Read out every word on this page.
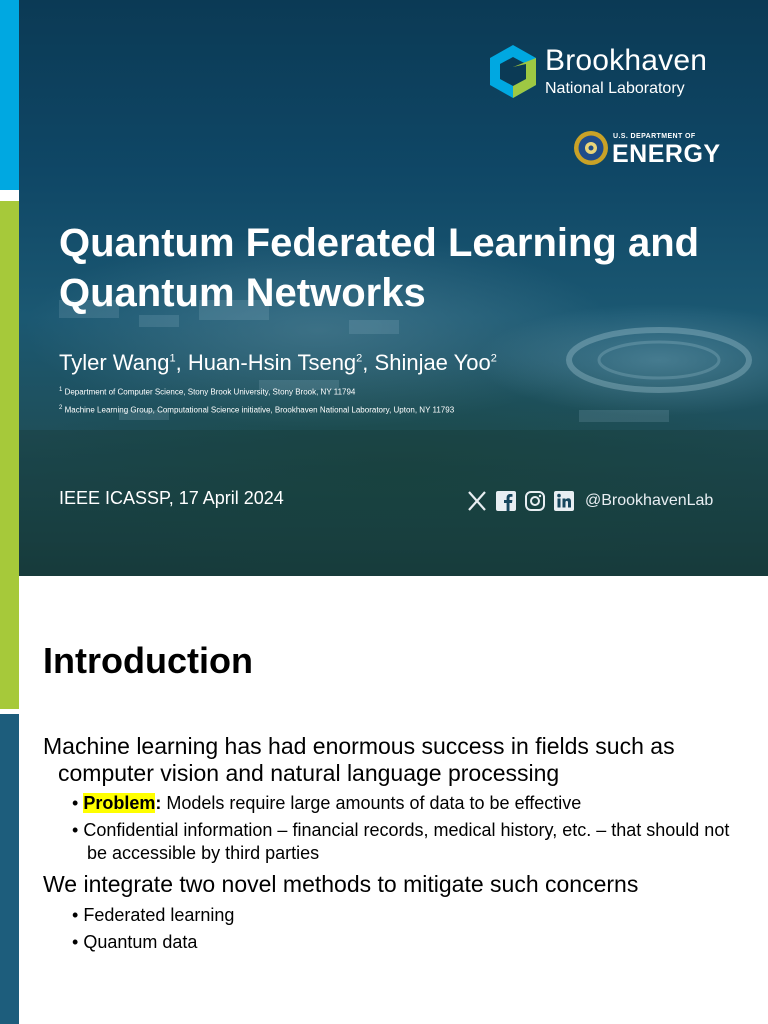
Brookhaven
National Laboratory
U.S. DEPARTMENT OF
ENERGY
Quantum Federated Learning and Quantum Networks
Tyler Wang$^1$, Huan-Hsin Tseng$^2$, Shinjae Yoo$^2$
$^1$ Department of Computer Science, Stony Brook University, Stony Brook, NY 11794
$^2$ Machine Learning Group, Computational Science initiative, Brookhaven National Laboratory, Upton, NY 11793
IEEE ICASSP, 17 April 2024	@BrookhavenLab
Introduction
Machine learning has had enormous success in fields such as computer vision and natural language processing
• Problem: Models require large amounts of data to be effective
• Confidential information – financial records, medical history, etc. – that should not be accessible by third parties
We integrate two novel methods to mitigate such concerns
• Federated learning
• Quantum data
